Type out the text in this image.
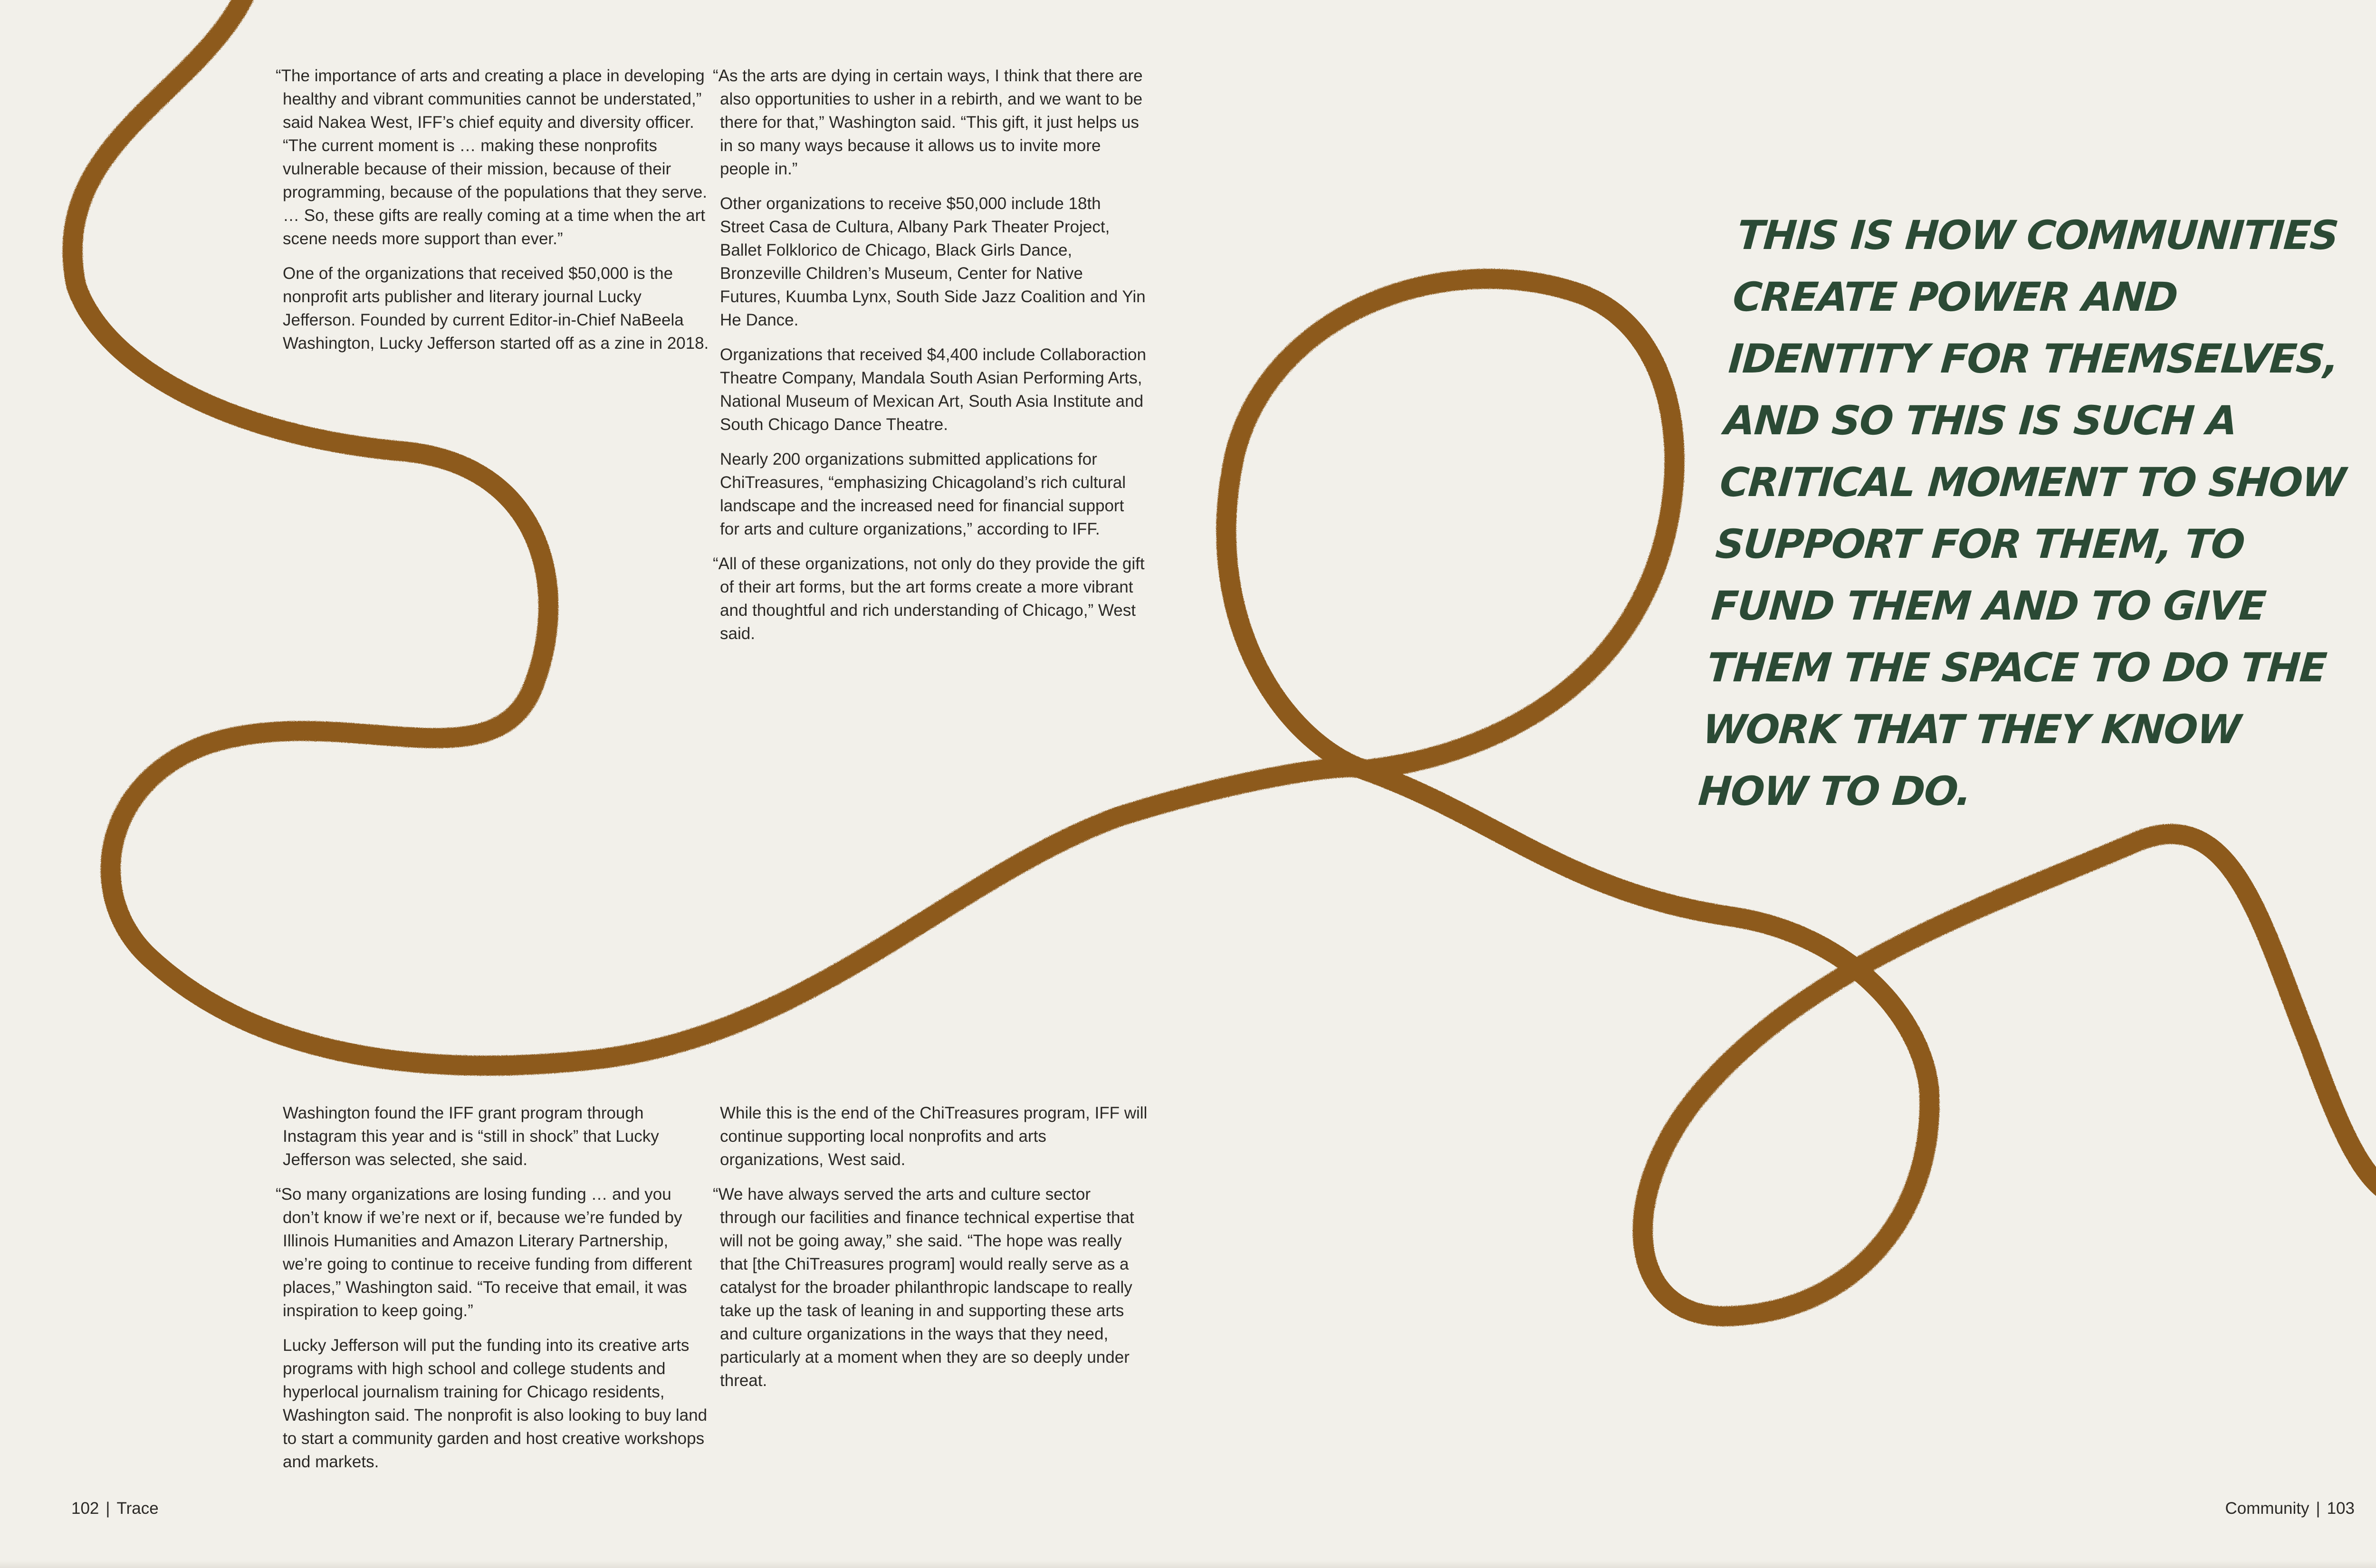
“The importance of arts and creating a place in developing healthy and vibrant communities cannot be understated,” said Nakea West, IFF’s chief equity and diversity officer. “The current moment is … making these nonprofits vulnerable because of their mission, because of their programming, because of the populations that they serve. … So, these gifts are really coming at a time when the art scene needs more support than ever.”

One of the organizations that received $50,000 is the nonprofit arts publisher and literary journal Lucky Jefferson. Founded by current Editor-in-Chief NaBeela Washington, Lucky Jefferson started off as a zine in 2018.

“As the arts are dying in certain ways, I think that there are also opportunities to usher in a rebirth, and we want to be there for that,” Washington said. “This gift, it just helps us in so many ways because it allows us to invite more people in.”

Other organizations to receive $50,000 include 18th Street Casa de Cultura, Albany Park Theater Project, Ballet Folklorico de Chicago, Black Girls Dance, Bronzeville Children’s Museum, Center for Native Futures, Kuumba Lynx, South Side Jazz Coalition and Yin He Dance.

Organizations that received $4,400 include Collaboraction Theatre Company, Mandala South Asian Performing Arts, National Museum of Mexican Art, South Asia Institute and South Chicago Dance Theatre.

Nearly 200 organizations submitted applications for ChiTreasures, “emphasizing Chicagoland’s rich cultural landscape and the increased need for financial support for arts and culture organizations,” according to IFF.

“All of these organizations, not only do they provide the gift of their art forms, but the art forms create a more vibrant and thoughtful and rich understanding of Chicago,” West said.

Washington found the IFF grant program through Instagram this year and is “still in shock” that Lucky Jefferson was selected, she said.

“So many organizations are losing funding … and you don’t know if we’re next or if, because we’re funded by Illinois Humanities and Amazon Literary Partnership, we’re going to continue to receive funding from different places,” Washington said. “To receive that email, it was inspiration to keep going.”

Lucky Jefferson will put the funding into its creative arts programs with high school and college students and hyperlocal journalism training for Chicago residents, Washington said. The nonprofit is also looking to buy land to start a community garden and host creative workshops and markets.

While this is the end of the ChiTreasures program, IFF will continue supporting local nonprofits and arts organizations, West said.

“We have always served the arts and culture sector through our facilities and finance technical expertise that will not be going away,” she said. “The hope was really that [the ChiTreasures program] would really serve as a catalyst for the broader philanthropic landscape to really take up the task of leaning in and supporting these arts and culture organizations in the ways that they need, particularly at a moment when they are so deeply under threat.

THIS IS HOW COMMUNITIES CREATE POWER AND IDENTITY FOR THEMSELVES, AND SO THIS IS SUCH A CRITICAL MOMENT TO SHOW SUPPORT FOR THEM, TO FUND THEM AND TO GIVE THEM THE SPACE TO DO THE WORK THAT THEY KNOW HOW TO DO.
102 | Trace	Community | 103
